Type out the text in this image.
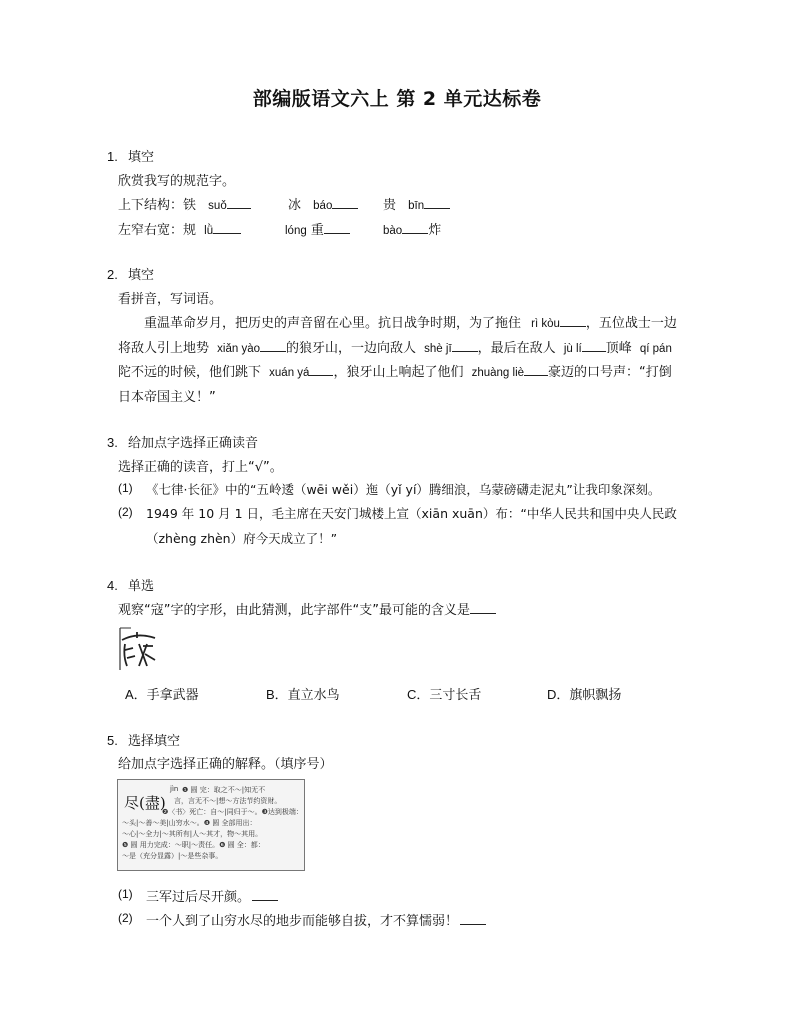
部编版语文六上 第 2 单元达标卷
1. 填空
欣赏我写的规范字。
上下结构：铁 suǒ	冰 báo	贵 bīn
左窄右宽：规 lǜ	lóng 重	bào 炸
2. 填空
看拼音，写词语。
重温革命岁月，把历史的声音留在心里。抗日战争时期，为了拖住 rì kòu ，五位战士一边
将敌人引上地势 xiǎn yào 的狼牙山，一边向敌人 shè jī ，最后在敌人 jù lí 顶峰 qí pán
陀不远的时候，他们跳下 xuán yá ，狼牙山上响起了他们 zhuàng liè 豪迈的口号声：“打倒
日本帝国主义！”
3. 给加点字选择正确读音
选择正确的读音，打上“√”。
(1) 《七律·长征》中的“五岭逶（wēi wěi）迤（yǐ yí）腾细浪，乌蒙磅礴走泥丸”让我印象深刻。
(2) 1949 年 10 月 1 日，毛主席在天安门城楼上宣（xiān xuān）布：“中华人民共和国中央人民政
（zhèng zhèn）府今天成立了！”
4. 单选
观察“寇”字的字形，由此猜测，此字部件“支”最可能的含义是
A．手拿武器	B．直立水鸟	C．三寸长舌	D．旗帜飘扬
5. 选择填空
给加点字选择正确的解释。（填序号）
尽(盡)
jìn ❶ 圆 完：取之不～|知无不
言，言无不～|想～方法节约资财。
❷〈书〉死亡：自～|同归于～。❸达到极端：
～头|～善～美|山穷水～。❹ 圆 全部用出：
～心|～全力|～其所有|人～其才，物～其用。
❺ 圆 用力完成：～职|～责任。❻ 圆 全：都：
～是（充分显露）|～是些杂事。
(1) 三军过后尽开颜。
(2) 一个人到了山穷水尽的地步而能够自拔，才不算懦弱！
